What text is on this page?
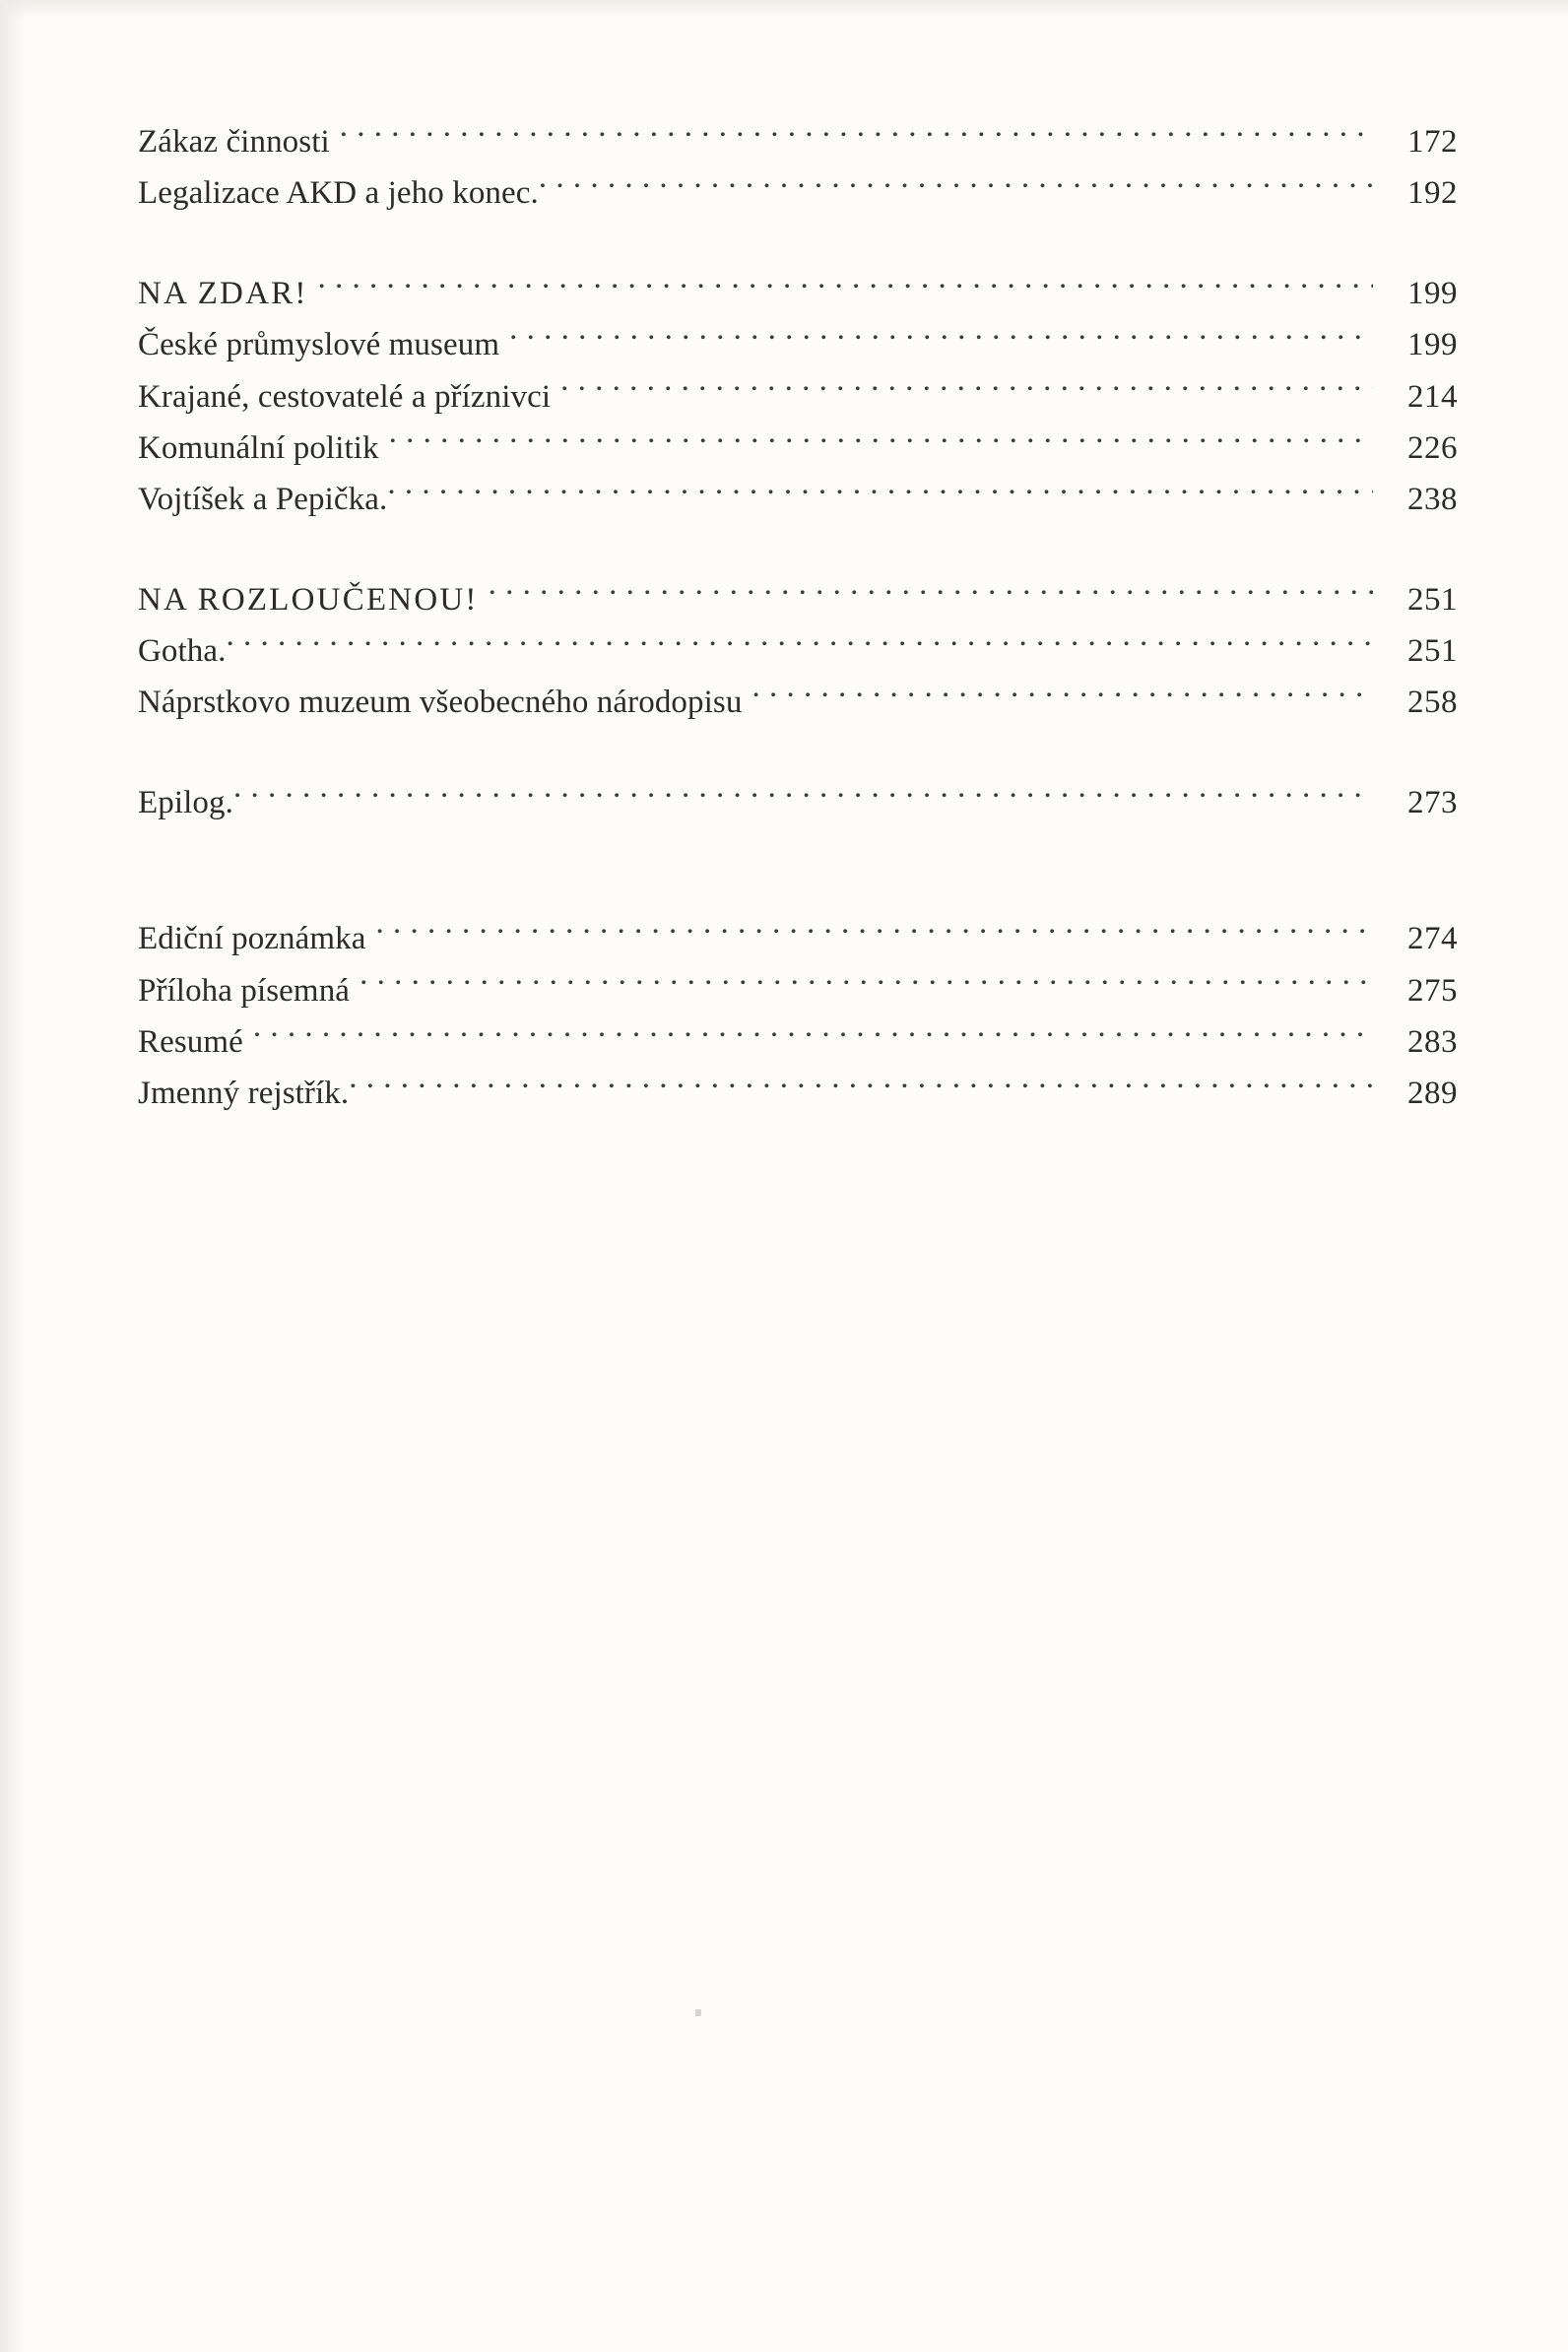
Zákaz činnosti . . .	172
Legalizace AKD a jeho konec. . . .	192
NA ZDAR! . . .	199
České průmyslové museum . . .	199
Krajané, cestovatelé a příznivci . . .	214
Komunální politik . . .	226
Vojtíšek a Pepička. . . .	238
NA ROZLOUČENOU! . . .	251
Gotha. . . .	251
Náprstkovo muzeum všeobecného národopisu . . .	258
Epilog. . . .	273
Ediční poznámka . . .	274
Příloha písemná . . .	275
Resumé . . .	283
Jmenný rejstřík. . . .	289
